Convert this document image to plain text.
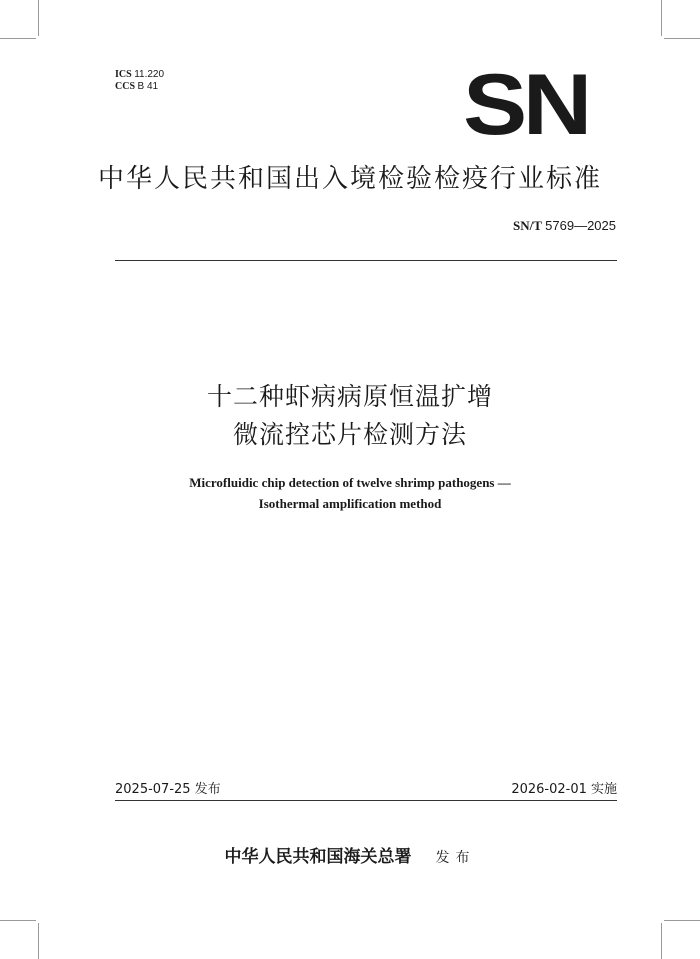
ICS 11.220
CCS B 41	SN
中华人民共和国出入境检验检疫行业标准
SN/T 5769—2025
十二种虾病病原恒温扩增
微流控芯片检测方法
Microfluidic chip detection of twelve shrimp pathogens —
Isothermal amplification method
2025-07-25 发布	2026-02-01 实施
中华人民共和国海关总署 发布
